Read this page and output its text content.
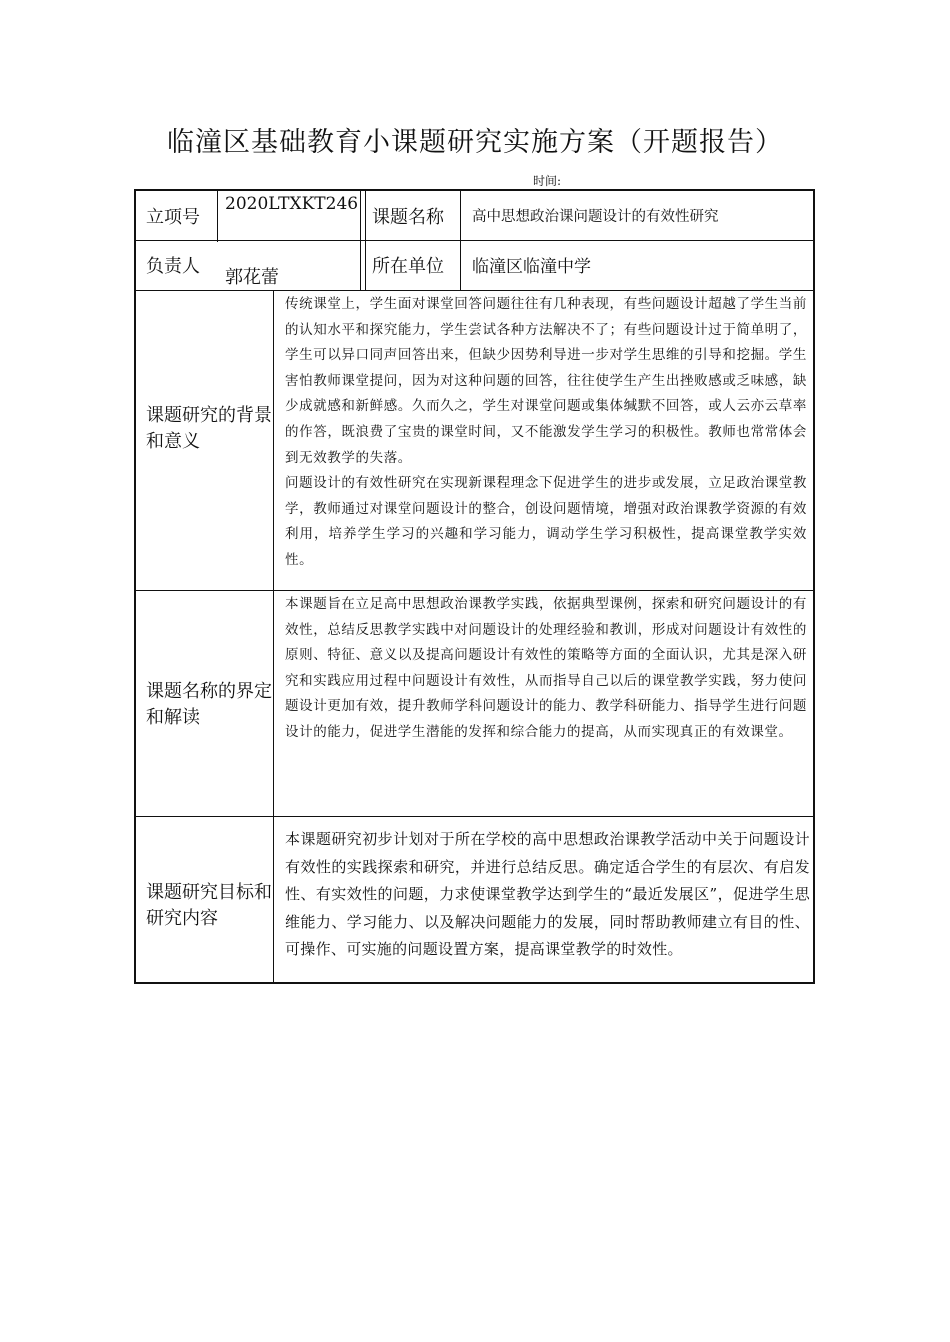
临潼区基础教育小课题研究实施方案（开题报告）
时间:
立项号
2020LTXKT246
课题名称 高中思想政治课问题设计的有效性研究
负责人
郭花蕾
所在单位 临潼区临潼中学
课题研究的背景和意义

传统课堂上，学生面对课堂回答问题往往有几种表现，有些问题设计超越了学生当前的认知水平和探究能力，学生尝试各种方法解决不了；有些问题设计过于简单明了，学生可以异口同声回答出来，但缺少因势利导进一步对学生思维的引导和挖掘。学生害怕教师课堂提问，因为对这种问题的回答，往往使学生产生出挫败感或乏味感，缺少成就感和新鲜感。久而久之，学生对课堂问题或集体缄默不回答，或人云亦云草率的作答，既浪费了宝贵的课堂时间，又不能激发学生学习的积极性。教师也常常体会到无效教学的失落。

问题设计的有效性研究在实现新课程理念下促进学生的进步或发展，立足政治课堂教学，教师通过对课堂问题设计的整合，创设问题情境，增强对政治课教学资源的有效利用，培养学生学习的兴趣和学习能力，调动学生学习积极性，提高课堂教学实效性。

课题名称的界定和解读
本课题旨在立足高中思想政治课教学实践，依据典型课例，探索和研究问题设计的有效性，总结反思教学实践中对问题设计的处理经验和教训，形成对问题设计有效性的原则、特征、意义以及提高问题设计有效性的策略等方面的全面认识，尤其是深入研究和实践应用过程中问题设计有效性，从而指导自己以后的课堂教学实践，努力使问题设计更加有效，提升教师学科问题设计的能力、教学科研能力、指导学生进行问题设计的能力，促进学生潜能的发挥和综合能力的提高，从而实现真正的有效课堂。
课题研究目标和研究内容
本课题研究初步计划对于所在学校的高中思想政治课教学活动中关于问题设计有效性的实践探索和研究，并进行总结反思。确定适合学生的有层次、有启发性、有实效性的问题，力求使课堂教学达到学生的“最近发展区”，促进学生思维能力、学习能力、以及解决问题能力的发展，同时帮助教师建立有目的性、可操作、可实施的问题设置方案，提高课堂教学的时效性。
